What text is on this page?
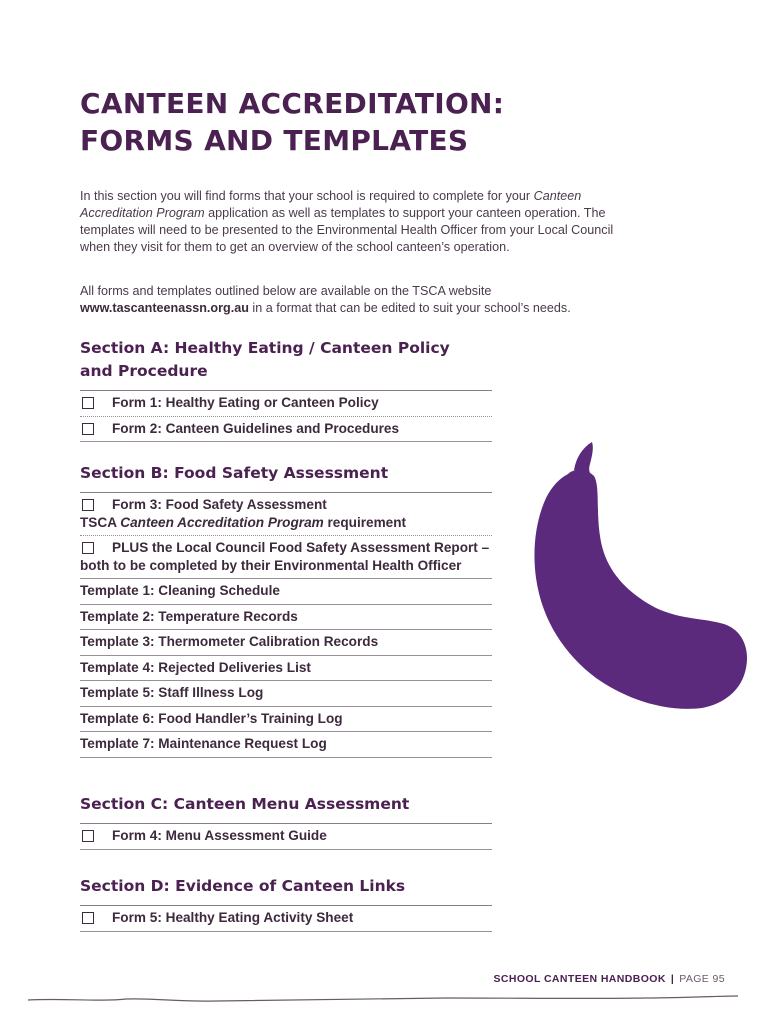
CANTEEN ACCREDITATION:
FORMS AND TEMPLATES

In this section you will find forms that your school is required to complete for your Canteen Accreditation Program application as well as templates to support your canteen operation. The templates will need to be presented to the Environmental Health Officer from your Local Council when they visit for them to get an overview of the school canteen’s operation.

All forms and templates outlined below are available on the TSCA website www.tascanteenassn.org.au in a format that can be edited to suit your school’s needs.

Section A: Healthy Eating / Canteen Policy
and Procedure
Form 1: Healthy Eating or Canteen Policy
Form 2: Canteen Guidelines and Procedures
Section B: Food Safety Assessment
Form 3: Food Safety Assessment
TSCA Canteen Accreditation Program requirement
PLUS the Local Council Food Safety Assessment Report – both to be completed by their Environmental Health Officer
Template 1: Cleaning Schedule
Template 2: Temperature Records
Template 3: Thermometer Calibration Records
Template 4: Rejected Deliveries List
Template 5: Staff Illness Log
Template 6: Food Handler’s Training Log
Template 7: Maintenance Request Log
Section C: Canteen Menu Assessment
Form 4: Menu Assessment Guide
Section D: Evidence of Canteen Links
Form 5: Healthy Eating Activity Sheet
SCHOOL CANTEEN HANDBOOK | PAGE 95
